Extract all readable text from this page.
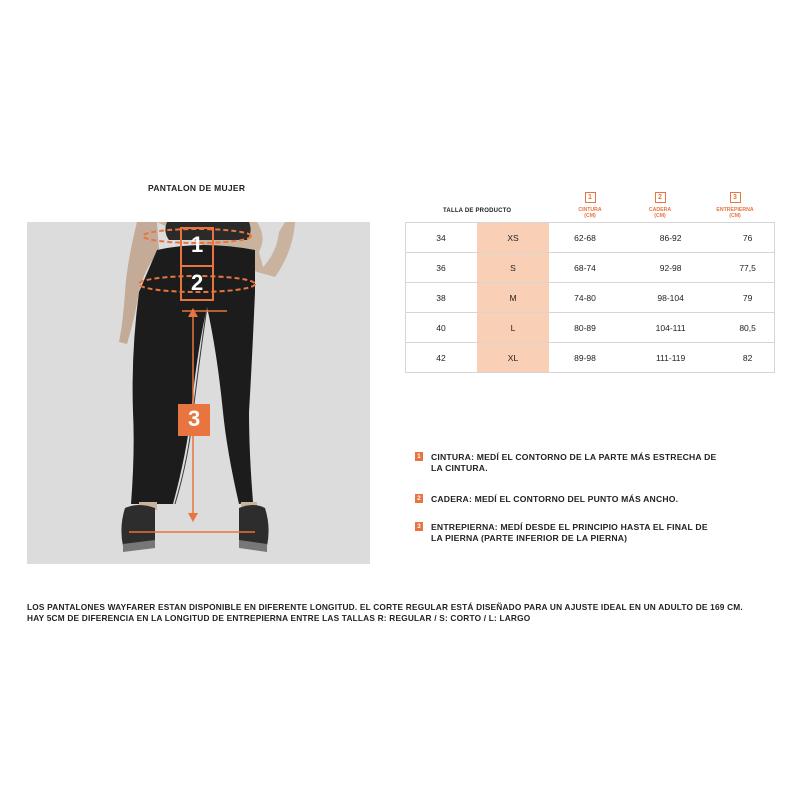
PANTALON DE MUJER
1
2
3
TALLA DE PRODUCTO
1
CINTURA
(CM)
2
CADERA
(CM)
3
ENTREPIERNA
(CM)
34	XS	62-68	86-92	76
36	S	68-74	92-98	77,5
38	M	74-80	98-104	79
40	L	80-89	104-111	80,5
42	XL	89-98	111-119	82
1 CINTURA: MEDÍ EL CONTORNO DE LA PARTE MÁS ESTRECHA DE LA CINTURA.
2 CADERA: MEDÍ EL CONTORNO DEL PUNTO MÁS ANCHO.
3 ENTREPIERNA: MEDÍ DESDE EL PRINCIPIO HASTA EL FINAL DE LA PIERNA (PARTE INFERIOR DE LA PIERNA)
LOS PANTALONES WAYFARER ESTAN DISPONIBLE EN DIFERENTE LONGITUD. EL CORTE REGULAR ESTÁ DISEÑADO PARA UN AJUSTE IDEAL EN UN ADULTO DE 169 CM.
HAY 5CM DE DIFERENCIA EN LA LONGITUD DE ENTREPIERNA ENTRE LAS TALLAS R: REGULAR / S: CORTO / L: LARGO
